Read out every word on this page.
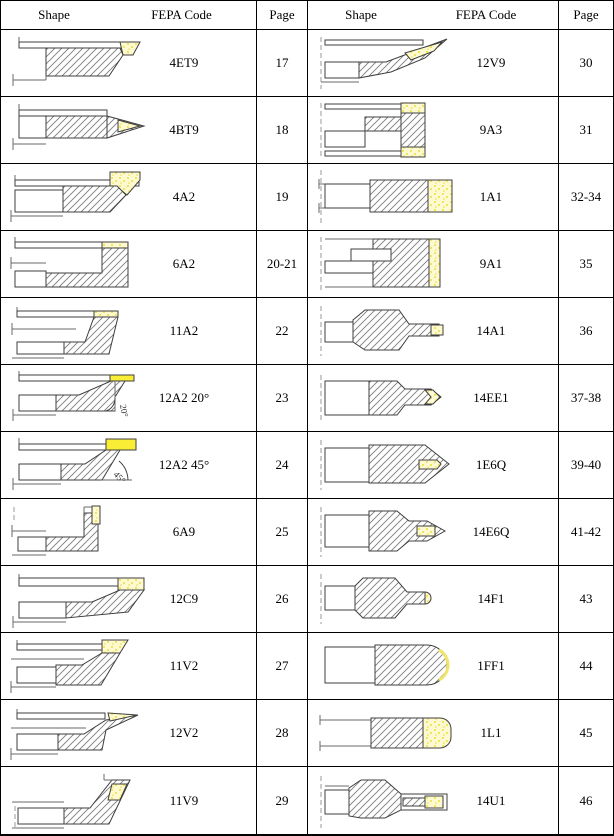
Shape	FEPA Code	Page
4ET9	17
4BT9	18
4A2	19
6A2	20-21
11A2	22
20°
12A2 20°	23
45°
12A2 45°	24
6A9	25
12C9	26
11V2	27
12V2	28
11V9	29
Shape	FEPA Code	Page
12V9	30
9A3	31
1A1	32-34
9A1	35
14A1	36
14EE1	37-38
1E6Q	39-40
14E6Q	41-42
14F1	43
1FF1	44
1L1	45
14U1	46
